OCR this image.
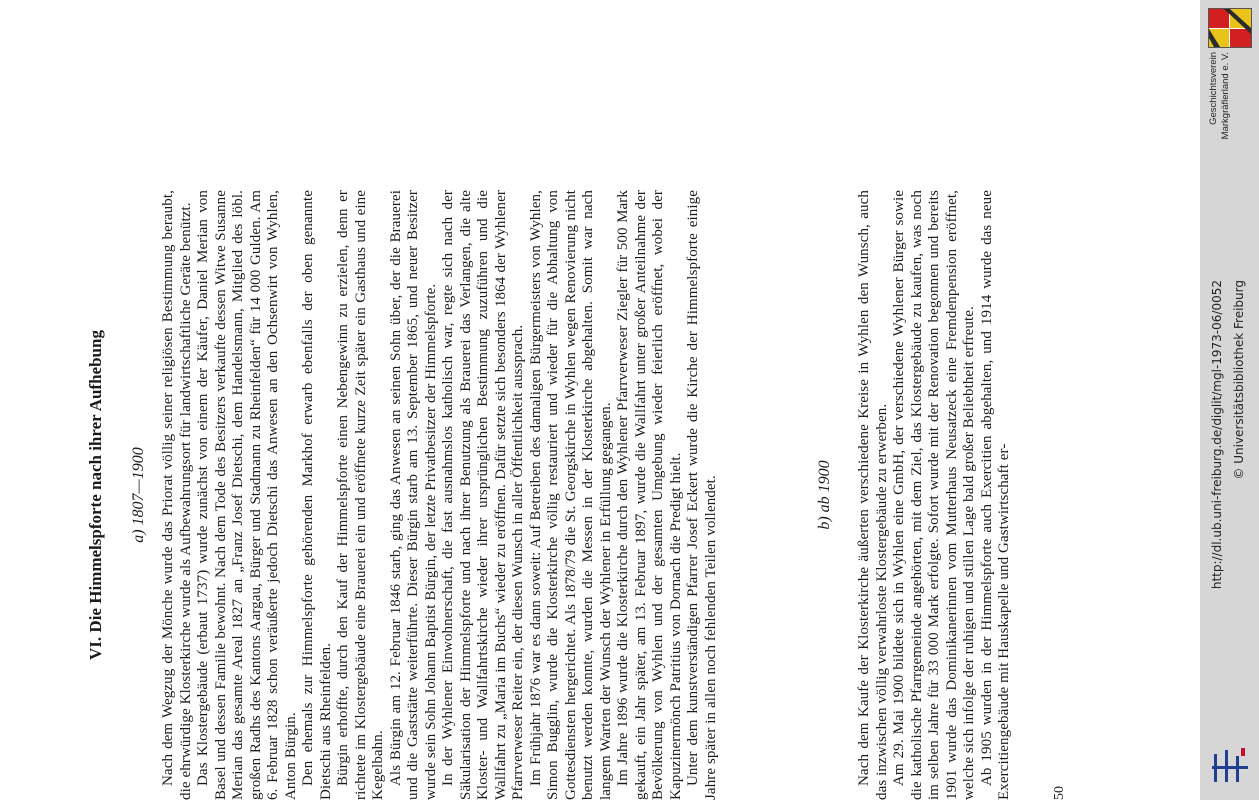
VI. Die Himmelspforte nach ihrer Aufhebung a) 1807—1900 Nach dem Wegzug der Mönche wurde das Priorat völlig seiner religiösen Bestimmung beraubt, die ehrwürdige Klosterkirche wurde als Aufbewahrungsort für landwirtschaftliche Geräte benützt. Das Klostergebäude (erbaut 1737) wurde zunächst von einem der Käufer, Daniel Merian von Basel und dessen Familie bewohnt. Nach dem Tode des Besitzers verkaufte dessen Witwe Susanne Merian das gesamte Areal 1827 an „Franz Josef Dietschi, dem Handelsmann, Mitglied des löbl. großen Radhs des Kantons Aargau, Bürger und Stadmann zu Rheinfelden“ für 14 000 Gulden. Am 6. Februar 1828 schon veräußerte jedoch Dietschi das Anwesen an den Ochsenwirt von Wyhlen, Anton Bürgin. Den ehemals zur Himmelspforte gehörenden Markhof erwarb ebenfalls der oben genannte Dietschi aus Rheinfelden. Bürgin erhoffte, durch den Kauf der Himmelspforte einen Nebengewinn zu erzielen, denn er richtete im Klostergebäude eine Brauerei ein und eröffnete kurze Zeit später ein Gasthaus und eine Kegelbahn. Als Bürgin am 12. Februar 1846 starb, ging das Anwesen an seinen Sohn über, der die Brauerei und die Gaststätte weiterführte. Dieser Bürgin starb am 13. September 1865, und neuer Besitzer wurde sein Sohn Johann Baptist Bürgin, der letzte Privatbesitzer der Himmelspforte. In der Wyhlener Einwohnerschaft, die fast ausnahmslos katholisch war, regte sich nach der Säkularisation der Himmelspforte und nach ihrer Benutzung als Brauerei das Verlangen, die alte Kloster- und Wallfahrtskirche wieder ihrer ursprünglichen Bestimmung zuzuführen und die Wallfahrt zu „Maria im Buchs“ wieder zu eröffnen. Dafür setzte sich besonders 1864 der Wyhlener Pfarrverweser Reiter ein, der diesen Wunsch in aller Öffentlichkeit aussprach. Im Frühjahr 1876 war es dann soweit: Auf Betreiben des damaligen Bürgermeisters von Wyhlen, Simon Bugglin, wurde die Klosterkirche völlig restauriert und wieder für die Abhaltung von Gottesdiensten hergerichtet. Als 1878/79 die St. Georgskirche in Wyhlen wegen Renovierung nicht benutzt werden konnte, wurden die Messen in der Klosterkirche abgehalten. Somit war nach langem Warten der Wunsch der Wyhlener in Erfüllung gegangen. Im Jahre 1896 wurde die Klosterkirche durch den Wyhlener Pfarrverweser Ziegler für 500 Mark gekauft, ein Jahr später, am 13. Februar 1897, wurde die Wallfahrt unter großer Anteilnahme der Bevölkerung von Wyhlen und der gesamten Umgebung wieder feierlich eröffnet, wobei der Kapuzinermönch Patritius von Dornach die Predigt hielt. Unter dem kunstverständigen Pfarrer Josef Eckert wurde die Kirche der Himmelspforte einige Jahre später in allen noch fehlenden Teilen vollendet.	b) ab 1900 Nach dem Kaufe der Klosterkirche äußerten verschiedene Kreise in Wyhlen den Wunsch, auch das inzwischen völlig verwahrloste Klostergebäude zu erwerben. Am 29. Mai 1900 bildete sich in Wyhlen eine GmbH, der verschiedene Wyhlener Bürger sowie die katholische Pfarrgemeinde angehörten, mit dem Ziel, das Klostergebäude zu kaufen, was noch im selben Jahre für 33 000 Mark erfolgte. Sofort wurde mit der Renovation begonnen und bereits 1901 wurde das Dominikanerinnen vom Mutterhaus Neusatzeck eine Fremdenpension eröffnet, welche sich infolge der ruhigen und stillen Lage bald großer Beliebtheit erfreute. Ab 1905 wurden in der Himmelspforte auch Exercitien abgehalten, und 1914 wurde das neue Exercitiengebäude mit Hauskapelle und Gastwirtschaft er-	50
Geschichtsverein Markgräflerland e. V.
http://dl.ub.uni-freiburg.de/diglit/mgl-1973-06/0052 © Universitätsbibliothek Freiburg
